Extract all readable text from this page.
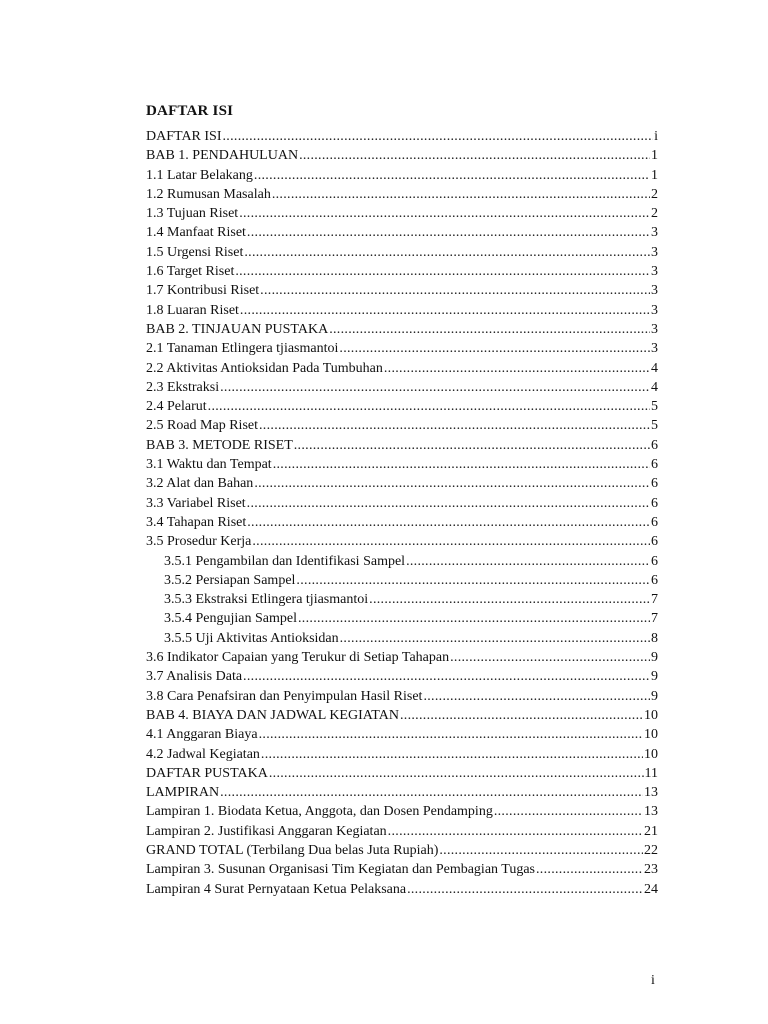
DAFTAR ISI
DAFTAR ISI .....	i
BAB 1. PENDAHULUAN .....	1
1.1 Latar Belakang .....	1
1.2 Rumusan Masalah .....	2
1.3 Tujuan Riset .....	2
1.4 Manfaat Riset .....	3
1.5 Urgensi Riset .....	3
1.6 Target Riset .....	3
1.7 Kontribusi Riset .....	3
1.8 Luaran Riset .....	3
BAB 2. TINJAUAN PUSTAKA .....	3
2.1 Tanaman Etlingera tjiasmantoi .....	3
2.2 Aktivitas Antioksidan Pada Tumbuhan .....	4
2.3 Ekstraksi .....	4
2.4 Pelarut .....	5
2.5 Road Map Riset .....	5
BAB 3. METODE RISET .....	6
3.1 Waktu dan Tempat .....	6
3.2 Alat dan Bahan .....	6
3.3 Variabel Riset .....	6
3.4 Tahapan Riset .....	6
3.5 Prosedur Kerja .....	6
3.5.1 Pengambilan dan Identifikasi Sampel .....	6
3.5.2 Persiapan Sampel .....	6
3.5.3 Ekstraksi Etlingera tjiasmantoi .....	7
3.5.4 Pengujian Sampel .....	7
3.5.5 Uji Aktivitas Antioksidan .....	8
3.6 Indikator Capaian yang Terukur di Setiap Tahapan .....	9
3.7 Analisis Data .....	9
3.8 Cara Penafsiran dan Penyimpulan Hasil Riset .....	9
BAB 4. BIAYA DAN JADWAL KEGIATAN .....	10
4.1 Anggaran Biaya .....	10
4.2 Jadwal Kegiatan .....	10
DAFTAR PUSTAKA .....	11
LAMPIRAN .....	13
Lampiran 1. Biodata Ketua, Anggota, dan Dosen Pendamping .....	13
Lampiran 2. Justifikasi Anggaran Kegiatan .....	21
GRAND TOTAL (Terbilang Dua belas Juta Rupiah) .....	22
Lampiran 3. Susunan Organisasi Tim Kegiatan dan Pembagian Tugas .....	23
Lampiran 4 Surat Pernyataan Ketua Pelaksana .....	24
i
